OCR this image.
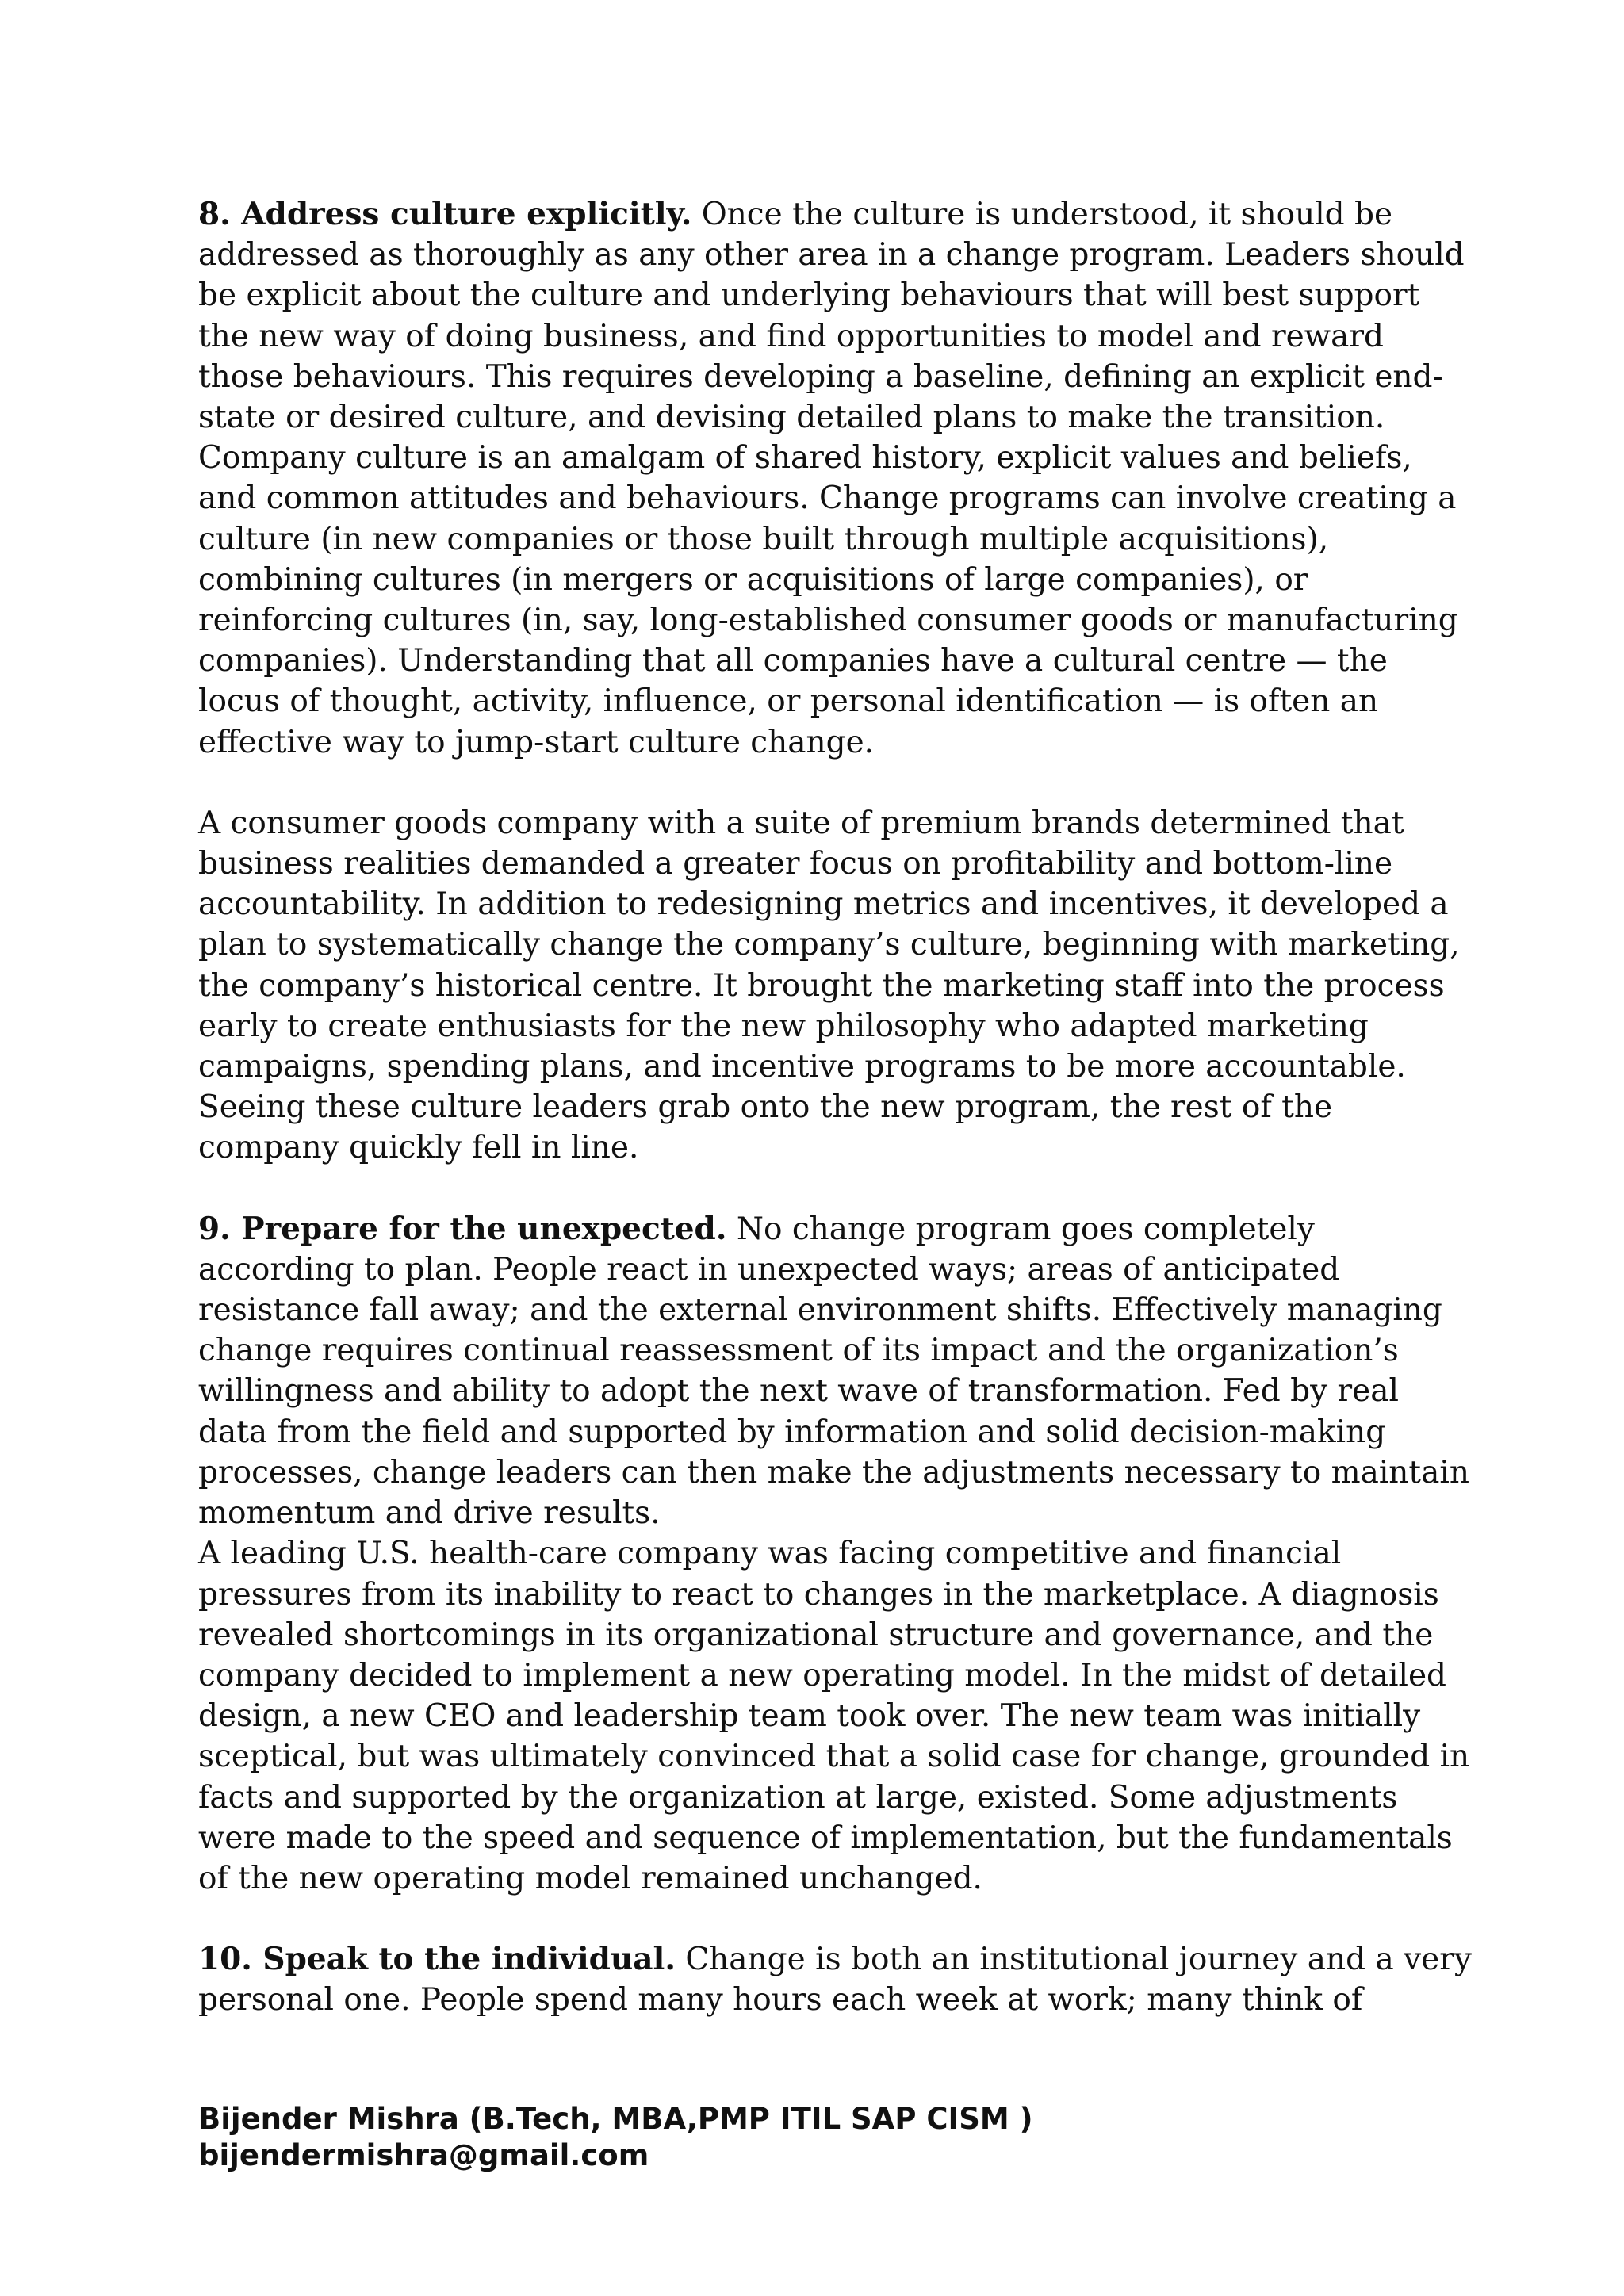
8. Address culture explicitly. Once the culture is understood, it should be addressed as thoroughly as any other area in a change program. Leaders should be explicit about the culture and underlying behaviours that will best support the new way of doing business, and find opportunities to model and reward those behaviours. This requires developing a baseline, defining an explicit end-state or desired culture, and devising detailed plans to make the transition.

Company culture is an amalgam of shared history, explicit values and beliefs, and common attitudes and behaviours. Change programs can involve creating a culture (in new companies or those built through multiple acquisitions), combining cultures (in mergers or acquisitions of large companies), or reinforcing cultures (in, say, long-established consumer goods or manufacturing companies). Understanding that all companies have a cultural centre — the locus of thought, activity, influence, or personal identification — is often an effective way to jump-start culture change.

A consumer goods company with a suite of premium brands determined that business realities demanded a greater focus on profitability and bottom-line accountability. In addition to redesigning metrics and incentives, it developed a plan to systematically change the company’s culture, beginning with marketing, the company’s historical centre. It brought the marketing staff into the process early to create enthusiasts for the new philosophy who adapted marketing campaigns, spending plans, and incentive programs to be more accountable. Seeing these culture leaders grab onto the new program, the rest of the company quickly fell in line.

9. Prepare for the unexpected. No change program goes completely according to plan. People react in unexpected ways; areas of anticipated resistance fall away; and the external environment shifts. Effectively managing change requires continual reassessment of its impact and the organization’s willingness and ability to adopt the next wave of transformation. Fed by real data from the field and supported by information and solid decision-making processes, change leaders can then make the adjustments necessary to maintain momentum and drive results.

A leading U.S. health-care company was facing competitive and financial pressures from its inability to react to changes in the marketplace. A diagnosis revealed shortcomings in its organizational structure and governance, and the company decided to implement a new operating model. In the midst of detailed design, a new CEO and leadership team took over. The new team was initially sceptical, but was ultimately convinced that a solid case for change, grounded in facts and supported by the organization at large, existed. Some adjustments were made to the speed and sequence of implementation, but the fundamentals of the new operating model remained unchanged.

10. Speak to the individual. Change is both an institutional journey and a very personal one. People spend many hours each week at work; many think of

Bijender Mishra (B.Tech, MBA,PMP ITIL SAP CISM )
bijendermishra@gmail.com
